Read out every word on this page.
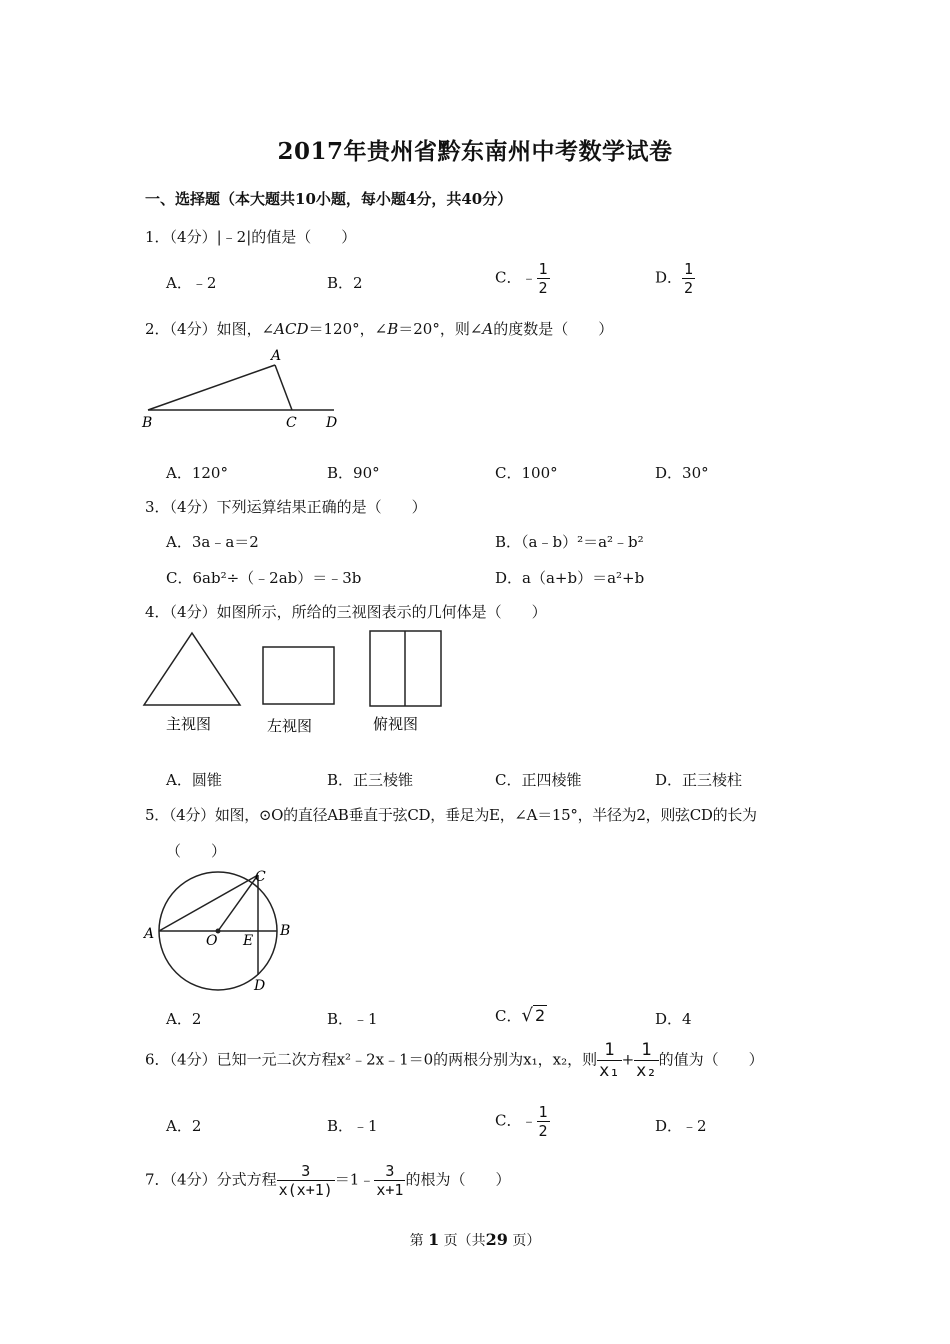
2017年贵州省黔东南州中考数学试卷
一、选择题（本大题共10小题，每小题4分，共40分）
1．（4分）|﹣2|的值是（　　）
A．﹣2	B．2	C．﹣ $\frac{1}{2}$	D． $\frac{1}{2}$
2．（4分）如图，∠ACD＝120°，∠B＝20°，则∠A的度数是（　　）
A
B	C D
A．120°	B．90°	C．100°	D．30°
3．（4分）下列运算结果正确的是（　　）
A．3a﹣a＝2	B．（a﹣b）²＝a²﹣b²
C．6ab²÷（﹣2ab）＝﹣3b	D．a（a+b）＝a²+b
4．（4分）如图所示，所给的三视图表示的几何体是（　　）
主视图	左视图	俯视图
A．圆锥	B．正三棱锥	C．正四棱锥	D．正三棱柱
5．（4分）如图，⊙O的直径AB垂直于弦CD，垂足为E，∠A＝15°，半径为2，则弦CD的长为
（　　）
A	B
C
D
O E
A．2	B．﹣1	C．√ 2	D．4
6．（4分）已知一元二次方程x²﹣2x﹣1＝0的两根分别为x₁，x₂，则 $\frac{1}{\text{x₁}} + \frac{1}{\text{x₂}}$ 的值为（　　）
A．2	B．﹣1	C．﹣ $\frac{1}{2}$	D．﹣2
7．（4分）分式方程 $\frac{3}{x(x+1)}$ ＝1﹣ $\frac{3}{x+1}$ 的根为（　　）
第 1 页（共29 页）
